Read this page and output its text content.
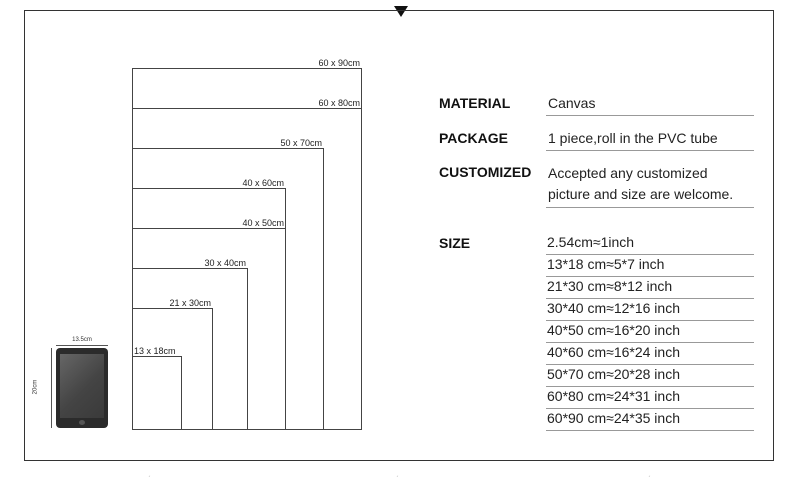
60 x 90cm
60 x 80cm
50 x 70cm
40 x 60cm
40 x 50cm
30 x 40cm
21 x 30cm
13 x 18cm
13.5cm
20cm
MATERIAL	Canvas
PACKAGE	1 piece,roll in the PVC tube
CUSTOMIZED Accepted any customized
picture and size are welcome.
SIZE	2.54cm≈1inch
13*18 cm≈5*7 inch
21*30 cm≈8*12 inch
30*40 cm≈12*16 inch
40*50 cm≈16*20 inch
40*60 cm≈16*24 inch
50*70 cm≈20*28 inch
60*80 cm≈24*31 inch
60*90 cm≈24*35 inch
ˊ	ˊ	ˊ
